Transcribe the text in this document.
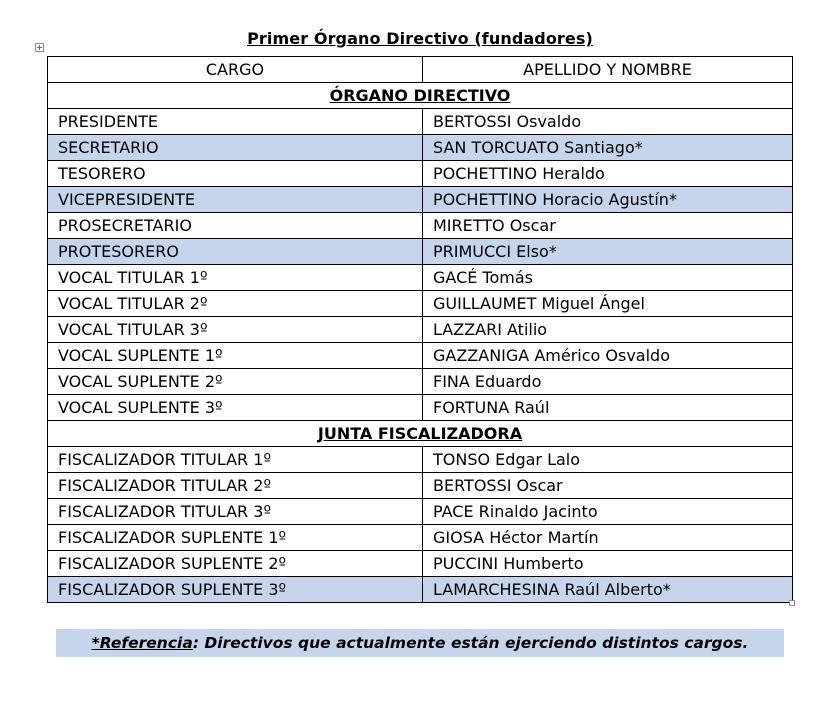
Primer Órgano Directivo (fundadores)
CARGO	APELLIDO Y NOMBRE
ÓRGANO DIRECTIVO	
PRESIDENTE	BERTOSSI Osvaldo
SECRETARIO	SAN TORCUATO Santiago*
TESORERO	POCHETTINO Heraldo
VICEPRESIDENTE	POCHETTINO Horacio Agustín*
PROSECRETARIO	MIRETTO Oscar
PROTESORERO	PRIMUCCI Elso*
VOCAL TITULAR 1º	GACÉ Tomás
VOCAL TITULAR 2º	GUILLAUMET Miguel Ángel
VOCAL TITULAR 3º	LAZZARI Atilio
VOCAL SUPLENTE 1º	GAZZANIGA Américo Osvaldo
VOCAL SUPLENTE 2º	FINA Eduardo
VOCAL SUPLENTE 3º	FORTUNA Raúl
JUNTA FISCALIZADORA	
FISCALIZADOR TITULAR 1º	TONSO Edgar Lalo
FISCALIZADOR TITULAR 2º	BERTOSSI Oscar
FISCALIZADOR TITULAR 3º	PACE Rinaldo Jacinto
FISCALIZADOR SUPLENTE 1º	GIOSA Héctor Martín
FISCALIZADOR SUPLENTE 2º	PUCCINI Humberto
FISCALIZADOR SUPLENTE 3º	LAMARCHESINA Raúl Alberto*
*Referencia: Directivos que actualmente están ejerciendo distintos cargos.
